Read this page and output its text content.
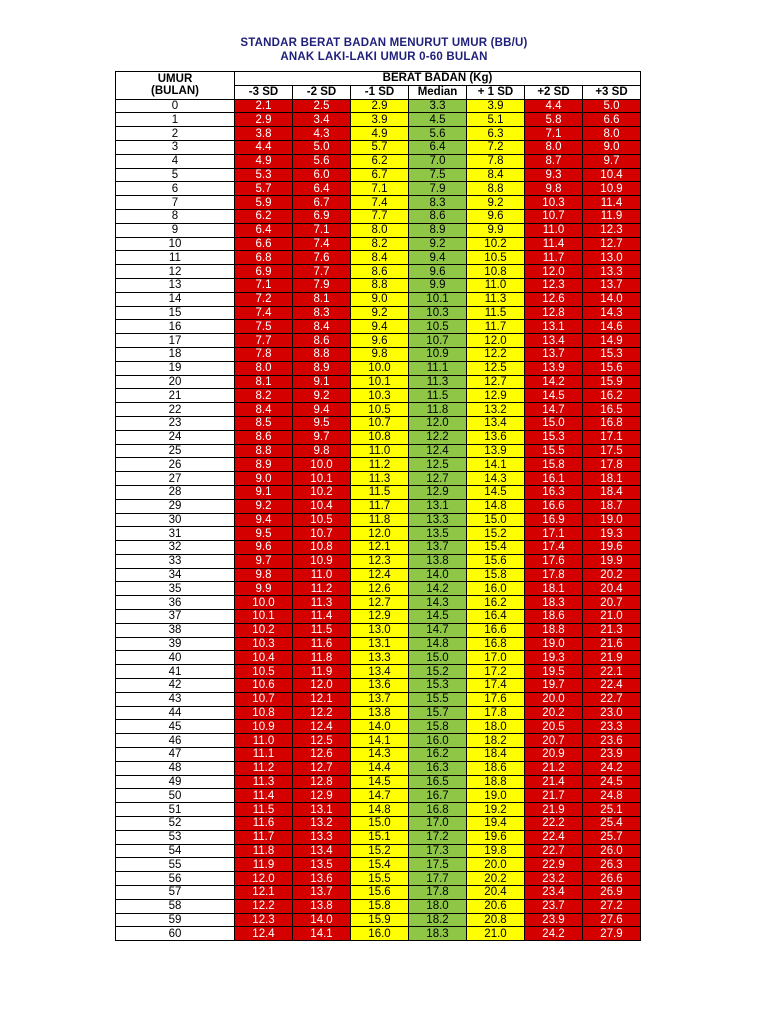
STANDAR BERAT BADAN MENURUT UMUR (BB/U)
ANAK LAKI-LAKI UMUR 0-60 BULAN
UMUR
(BULAN)	BERAT BADAN (Kg)						
	-3 SD	-2 SD	-1 SD	Median	+ 1 SD	+2 SD	+3 SD
0	2.1	2.5	2.9	3.3	3.9	4.4	5.0
1	2.9	3.4	3.9	4.5	5.1	5.8	6.6
2	3.8	4.3	4.9	5.6	6.3	7.1	8.0
3	4.4	5.0	5.7	6.4	7.2	8.0	9.0
4	4.9	5.6	6.2	7.0	7.8	8.7	9.7
5	5.3	6.0	6.7	7.5	8.4	9.3	10.4
6	5.7	6.4	7.1	7.9	8.8	9.8	10.9
7	5.9	6.7	7.4	8.3	9.2	10.3	11.4
8	6.2	6.9	7.7	8.6	9.6	10.7	11.9
9	6.4	7.1	8.0	8.9	9.9	11.0	12.3
10	6.6	7.4	8.2	9.2	10.2	11.4	12.7
11	6.8	7.6	8.4	9.4	10.5	11.7	13.0
12	6.9	7.7	8.6	9.6	10.8	12.0	13.3
13	7.1	7.9	8.8	9.9	11.0	12.3	13.7
14	7.2	8.1	9.0	10.1	11.3	12.6	14.0
15	7.4	8.3	9.2	10.3	11.5	12.8	14.3
16	7.5	8.4	9.4	10.5	11.7	13.1	14.6
17	7.7	8.6	9.6	10.7	12.0	13.4	14.9
18	7.8	8.8	9.8	10.9	12.2	13.7	15.3
19	8.0	8.9	10.0	11.1	12.5	13.9	15.6
20	8.1	9.1	10.1	11.3	12.7	14.2	15.9
21	8.2	9.2	10.3	11.5	12.9	14.5	16.2
22	8.4	9.4	10.5	11.8	13.2	14.7	16.5
23	8.5	9.5	10.7	12.0	13.4	15.0	16.8
24	8.6	9.7	10.8	12.2	13.6	15.3	17.1
25	8.8	9.8	11.0	12.4	13.9	15.5	17.5
26	8.9	10.0	11.2	12.5	14.1	15.8	17.8
27	9.0	10.1	11.3	12.7	14.3	16.1	18.1
28	9.1	10.2	11.5	12.9	14.5	16.3	18.4
29	9.2	10.4	11.7	13.1	14.8	16.6	18.7
30	9.4	10.5	11.8	13.3	15.0	16.9	19.0
31	9.5	10.7	12.0	13.5	15.2	17.1	19.3
32	9.6	10.8	12.1	13.7	15.4	17.4	19.6
33	9.7	10.9	12.3	13.8	15.6	17.6	19.9
34	9.8	11.0	12.4	14.0	15.8	17.8	20.2
35	9.9	11.2	12.6	14.2	16.0	18.1	20.4
36	10.0	11.3	12.7	14.3	16.2	18.3	20.7
37	10.1	11.4	12.9	14.5	16.4	18.6	21.0
38	10.2	11.5	13.0	14.7	16.6	18.8	21.3
39	10.3	11.6	13.1	14.8	16.8	19.0	21.6
40	10.4	11.8	13.3	15.0	17.0	19.3	21.9
41	10.5	11.9	13.4	15.2	17.2	19.5	22.1
42	10.6	12.0	13.6	15.3	17.4	19.7	22.4
43	10.7	12.1	13.7	15.5	17.6	20.0	22.7
44	10.8	12.2	13.8	15.7	17.8	20.2	23.0
45	10.9	12.4	14.0	15.8	18.0	20.5	23.3
46	11.0	12.5	14.1	16.0	18.2	20.7	23.6
47	11.1	12.6	14.3	16.2	18.4	20.9	23.9
48	11.2	12.7	14.4	16.3	18.6	21.2	24.2
49	11.3	12.8	14.5	16.5	18.8	21.4	24.5
50	11.4	12.9	14.7	16.7	19.0	21.7	24.8
51	11.5	13.1	14.8	16.8	19.2	21.9	25.1
52	11.6	13.2	15.0	17.0	19.4	22.2	25.4
53	11.7	13.3	15.1	17.2	19.6	22.4	25.7
54	11.8	13.4	15.2	17.3	19.8	22.7	26.0
55	11.9	13.5	15.4	17.5	20.0	22.9	26.3
56	12.0	13.6	15.5	17.7	20.2	23.2	26.6
57	12.1	13.7	15.6	17.8	20.4	23.4	26.9
58	12.2	13.8	15.8	18.0	20.6	23.7	27.2
59	12.3	14.0	15.9	18.2	20.8	23.9	27.6
60	12.4	14.1	16.0	18.3	21.0	24.2	27.9
